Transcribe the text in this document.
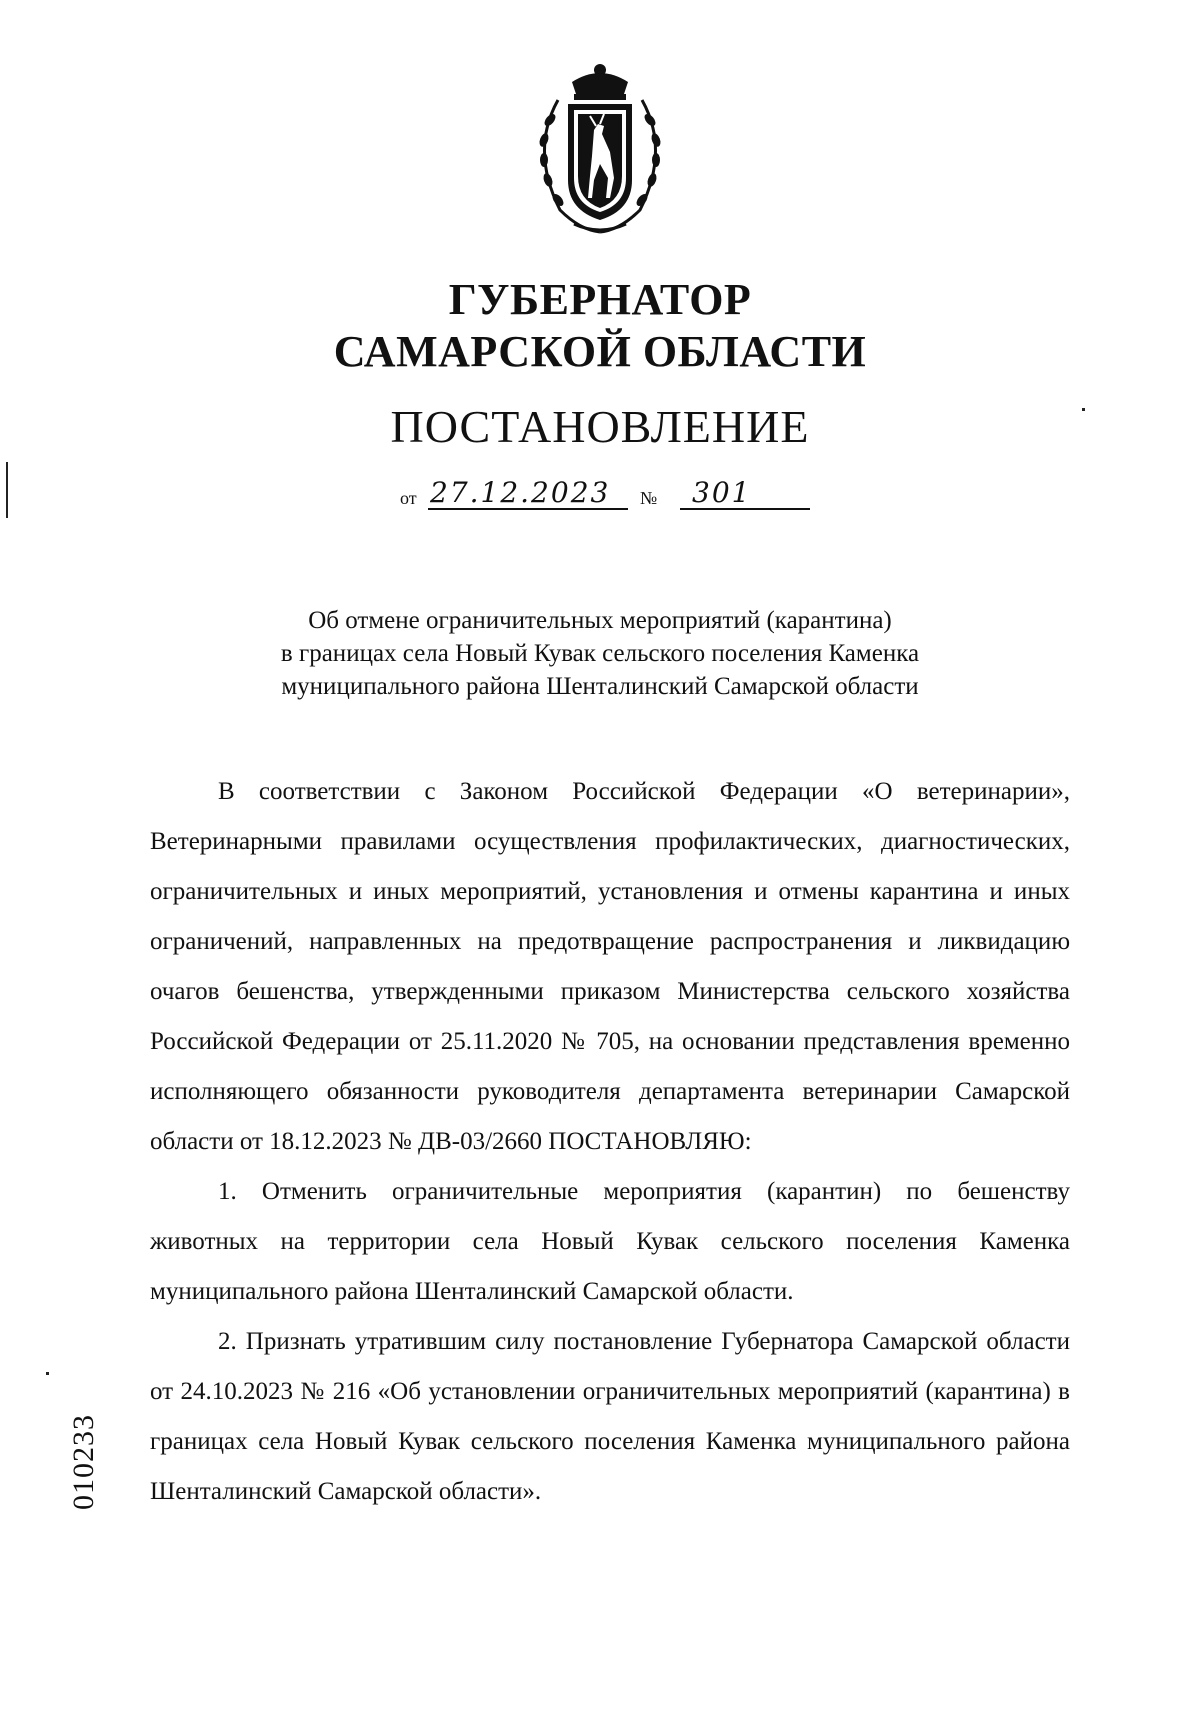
ГУБЕРНАТОР
САМАРСКОЙ ОБЛАСТИ
ПОСТАНОВЛЕНИЕ
от 27.12.2023 № 301
Об отмене ограничительных мероприятий (карантина)
в границах села Новый Кувак сельского поселения Каменка
муниципального района Шенталинский Самарской области

В соответствии с Законом Российской Федерации «О ветеринарии», Ветеринарными правилами осуществления профилактических, диагностических, ограничительных и иных мероприятий, установления и отмены карантина и иных ограничений, направленных на предотвращение распространения и ликвидацию очагов бешенства, утвержденными приказом Министерства сельского хозяйства Российской Федерации от 25.11.2020 № 705, на основании представления временно исполняющего обязанности руководителя департамента ветеринарии Самарской области от 18.12.2023 № ДВ-03/2660 ПОСТАНОВЛЯЮ:

1. Отменить ограничительные мероприятия (карантин) по бешенству животных на территории села Новый Кувак сельского поселения Каменка муниципального района Шенталинский Самарской области.

2. Признать утратившим силу постановление Губернатора Самарской области от 24.10.2023 № 216 «Об установлении ограничительных мероприятий (карантина) в границах села Новый Кувак сельского поселения Каменка муниципального района Шенталинский Самарской области».

010233
